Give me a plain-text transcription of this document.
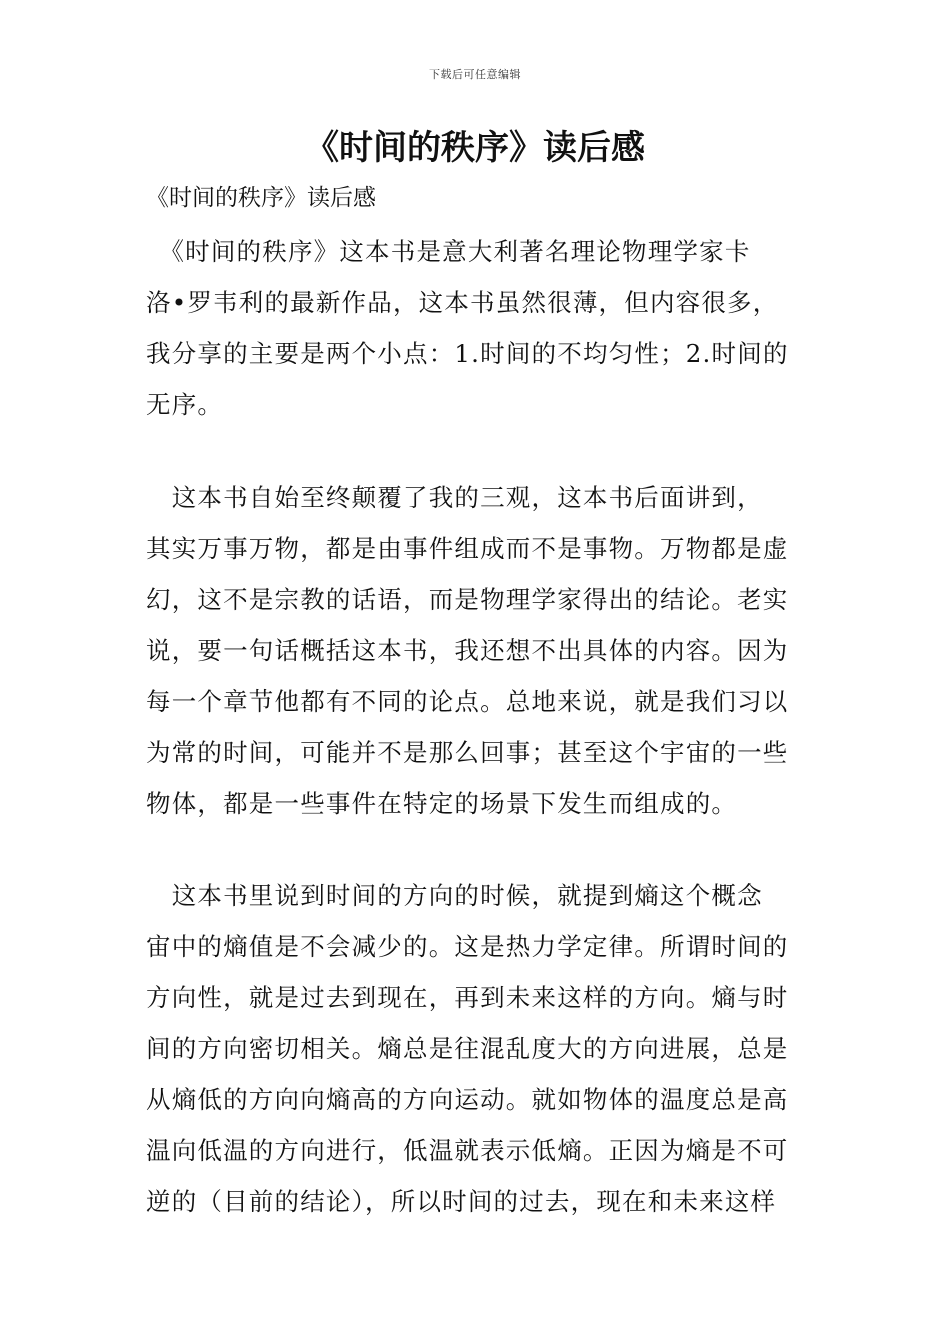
下载后可任意编辑
《时间的秩序》读后感
《时间的秩序》读后感

　《时间的秩序》这本书是意大利著名理论物理学家卡
洛•罗韦利的最新作品，这本书虽然很薄，但内容很多，
我分享的主要是两个小点：1.时间的不均匀性；2.时间的
无序。

　这本书自始至终颠覆了我的三观，这本书后面讲到，
其实万事万物，都是由事件组成而不是事物。万物都是虚
幻，这不是宗教的话语，而是物理学家得出的结论。老实
说，要一句话概括这本书，我还想不出具体的内容。因为
每一个章节他都有不同的论点。总地来说，就是我们习以
为常的时间，可能并不是那么回事；甚至这个宇宙的一些
物体，都是一些事件在特定的场景下发生而组成的。

　这本书里说到时间的方向的时候，就提到熵这个概念
宙中的熵值是不会减少的。这是热力学定律。所谓时间的
方向性，就是过去到现在，再到未来这样的方向。熵与时
间的方向密切相关。熵总是往混乱度大的方向进展，总是
从熵低的方向向熵高的方向运动。就如物体的温度总是高
温向低温的方向进行，低温就表示低熵。正因为熵是不可
逆的（目前的结论），所以时间的过去，现在和未来这样
